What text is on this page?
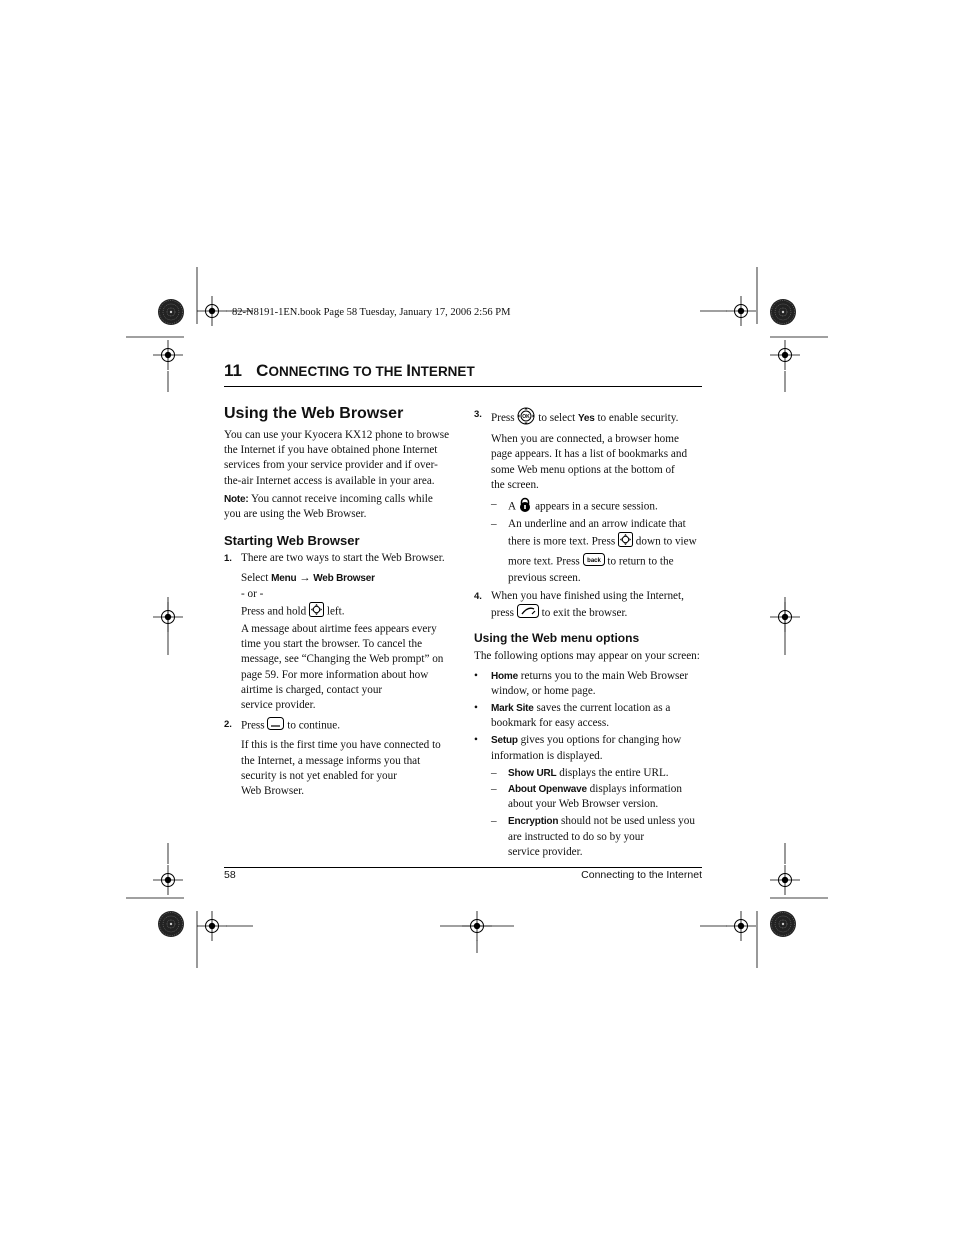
82-N8191-1EN.book Page 58 Tuesday, January 17, 2006 2:56 PM
11 CONNECTING TO THE INTERNET
Using the Web Browser

You can use your Kyocera KX12 phone to browse

the Internet if you have obtained phone Internet

services from your service provider and if over-

the-air Internet access is available in your area.

Note: You cannot receive incoming calls while

you are using the Web Browser.

Starting Web Browser
1. There are two ways to start the Web Browser.

Select Menu → Web Browser

- or -

Press and hold  left.

A message about airtime fees appears every

time you start the browser. To cancel the

message, see “Changing the Web prompt” on

page 59. For more information about how

airtime is charged, contact your

service provider.

2. Press  to continue.

If this is the first time you have connected to

the Internet, a message informs you that

security is not yet enabled for your

Web Browser.

3. Press OK to select Yes to enable security.

When you are connected, a browser home

page appears. It has a list of bookmarks and

some Web menu options at the bottom of

the screen.

– A  appears in a secure session.

– An underline and an arrow indicate that

there is more text. Press  down to view

more text. Press back to return to the

previous screen.

4. When you have finished using the Internet,

press  to exit the browser.

Using the Web menu options
The following options may appear on your screen:
• Home returns you to the main Web Browser

window, or home page.

• Mark Site saves the current location as a

bookmark for easy access.

• Setup gives you options for changing how

information is displayed.

– Show URL displays the entire URL.

– About Openwave displays information

about your Web Browser version.

– Encryption should not be used unless you

are instructed to do so by your

service provider.

58	Connecting to the Internet
